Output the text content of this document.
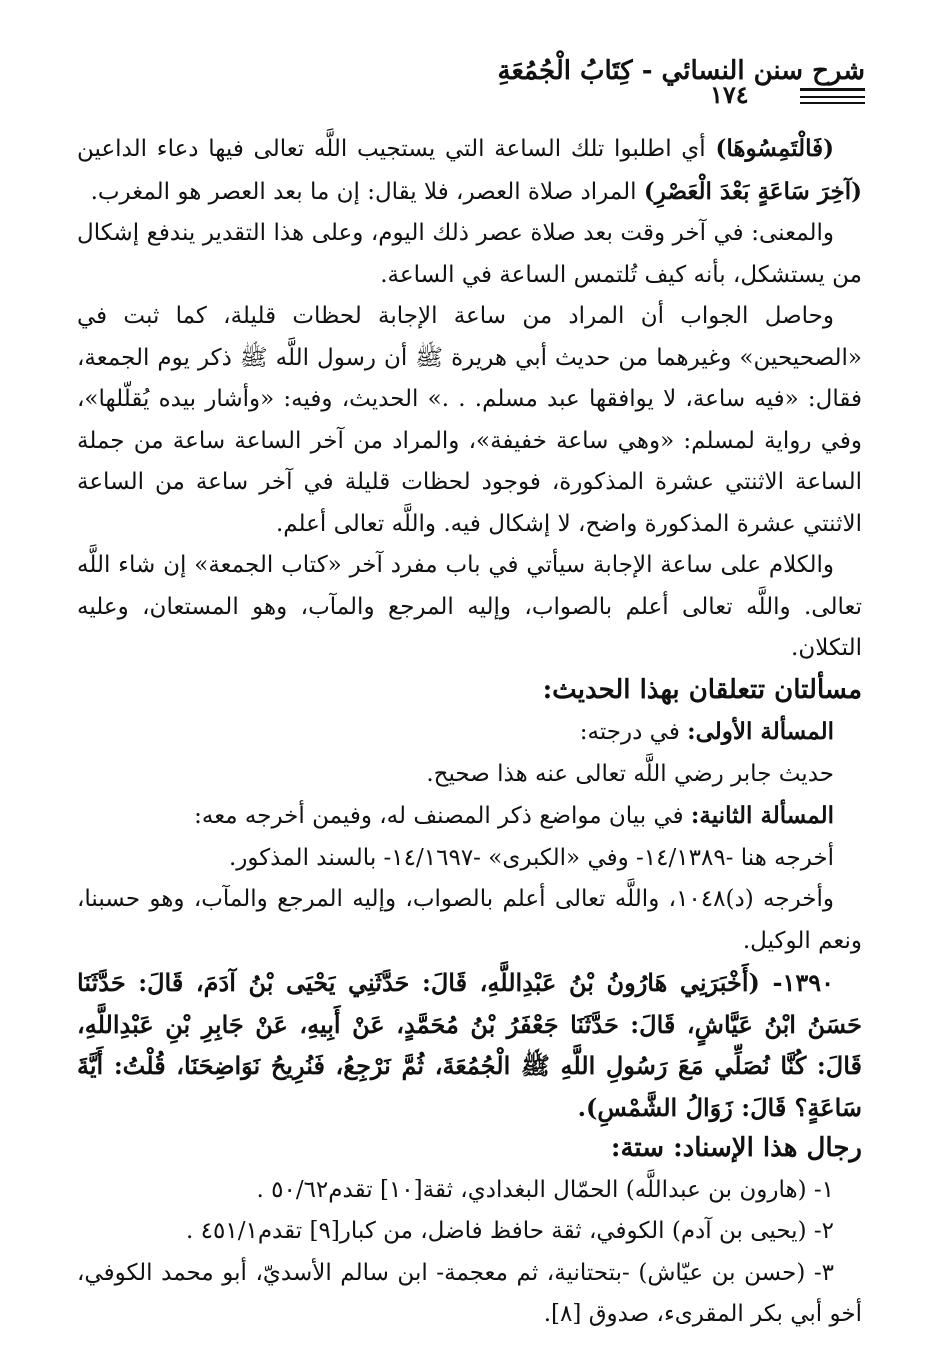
شرح سنن النسائي - كِتَابُ الْجُمُعَةِ
١٧٤

(فَالْتَمِسُوهَا) أي اطلبوا تلك الساعة التي يستجيب اللَّه تعالى فيها دعاء الداعين (آخِرَ سَاعَةٍ بَعْدَ الْعَصْرِ) المراد صلاة العصر، فلا يقال: إن ما بعد العصر هو المغرب.

والمعنى: في آخر وقت بعد صلاة عصر ذلك اليوم، وعلى هذا التقدير يندفع إشكال من يستشكل، بأنه كيف تُلتمس الساعة في الساعة.

وحاصل الجواب أن المراد من ساعة الإجابة لحظات قليلة، كما ثبت في «الصحيحين» وغيرهما من حديث أبي هريرة ﷺ أن رسول اللَّه ﷺ ذكر يوم الجمعة، فقال: «فيه ساعة، لا يوافقها عبد مسلم. . .» الحديث، وفيه: «وأشار بيده يُقلّلها»، وفي رواية لمسلم: «وهي ساعة خفيفة»، والمراد من آخر الساعة ساعة من جملة الساعة الاثنتي عشرة المذكورة، فوجود لحظات قليلة في آخر ساعة من الساعة الاثنتي عشرة المذكورة واضح، لا إشكال فيه. واللَّه تعالى أعلم.

والكلام على ساعة الإجابة سيأتي في باب مفرد آخر «كتاب الجمعة» إن شاء اللَّه تعالى. واللَّه تعالى أعلم بالصواب، وإليه المرجع والمآب، وهو المستعان، وعليه التكلان.

مسألتان تتعلقان بهذا الحديث:

المسألة الأولى: في درجته:

حديث جابر رضي اللَّه تعالى عنه هذا صحيح.

المسألة الثانية: في بيان مواضع ذكر المصنف له، وفيمن أخرجه معه:

أخرجه هنا -١٤/١٣٨٩- وفي «الكبرى» -١٤/١٦٩٧- بالسند المذكور.

وأخرجه (د)١٠٤٨، واللَّه تعالى أعلم بالصواب، وإليه المرجع والمآب، وهو حسبنا، ونعم الوكيل.

١٣٩٠- (أَخْبَرَنِي هَارُونُ بْنُ عَبْدِاللَّهِ، قَالَ: حَدَّثَنِي يَحْيَى بْنُ آدَمَ، قَالَ: حَدَّثَنَا حَسَنُ ابْنُ عَيَّاشٍ، قَالَ: حَدَّثَنَا جَعْفَرُ بْنُ مُحَمَّدٍ، عَنْ أَبِيهِ، عَنْ جَابِرِ بْنِ عَبْدِاللَّهِ، قَالَ: كُنَّا نُصَلِّي مَعَ رَسُولِ اللَّهِ ﷺ الْجُمُعَةَ، ثُمَّ نَرْجِعُ، فَنُرِيحُ نَوَاضِحَنَا، قُلْتُ: أَيَّةَ سَاعَةٍ؟ قَالَ: زَوَالُ الشَّمْسِ).

رجال هذا الإسناد: ستة:

١- (هارون بن عبداللَّه) الحمّال البغدادي، ثقة[١٠] تقدم٥٠/٦٢ .

٢- (يحيى بن آدم) الكوفي، ثقة حافظ فاضل، من كبار[٩] تقدم٤٥١/١ .

٣- (حسن بن عيّاش) -بتحتانية، ثم معجمة- ابن سالم الأسديّ، أبو محمد الكوفي، أخو أبي بكر المقرىء، صدوق [٨].
